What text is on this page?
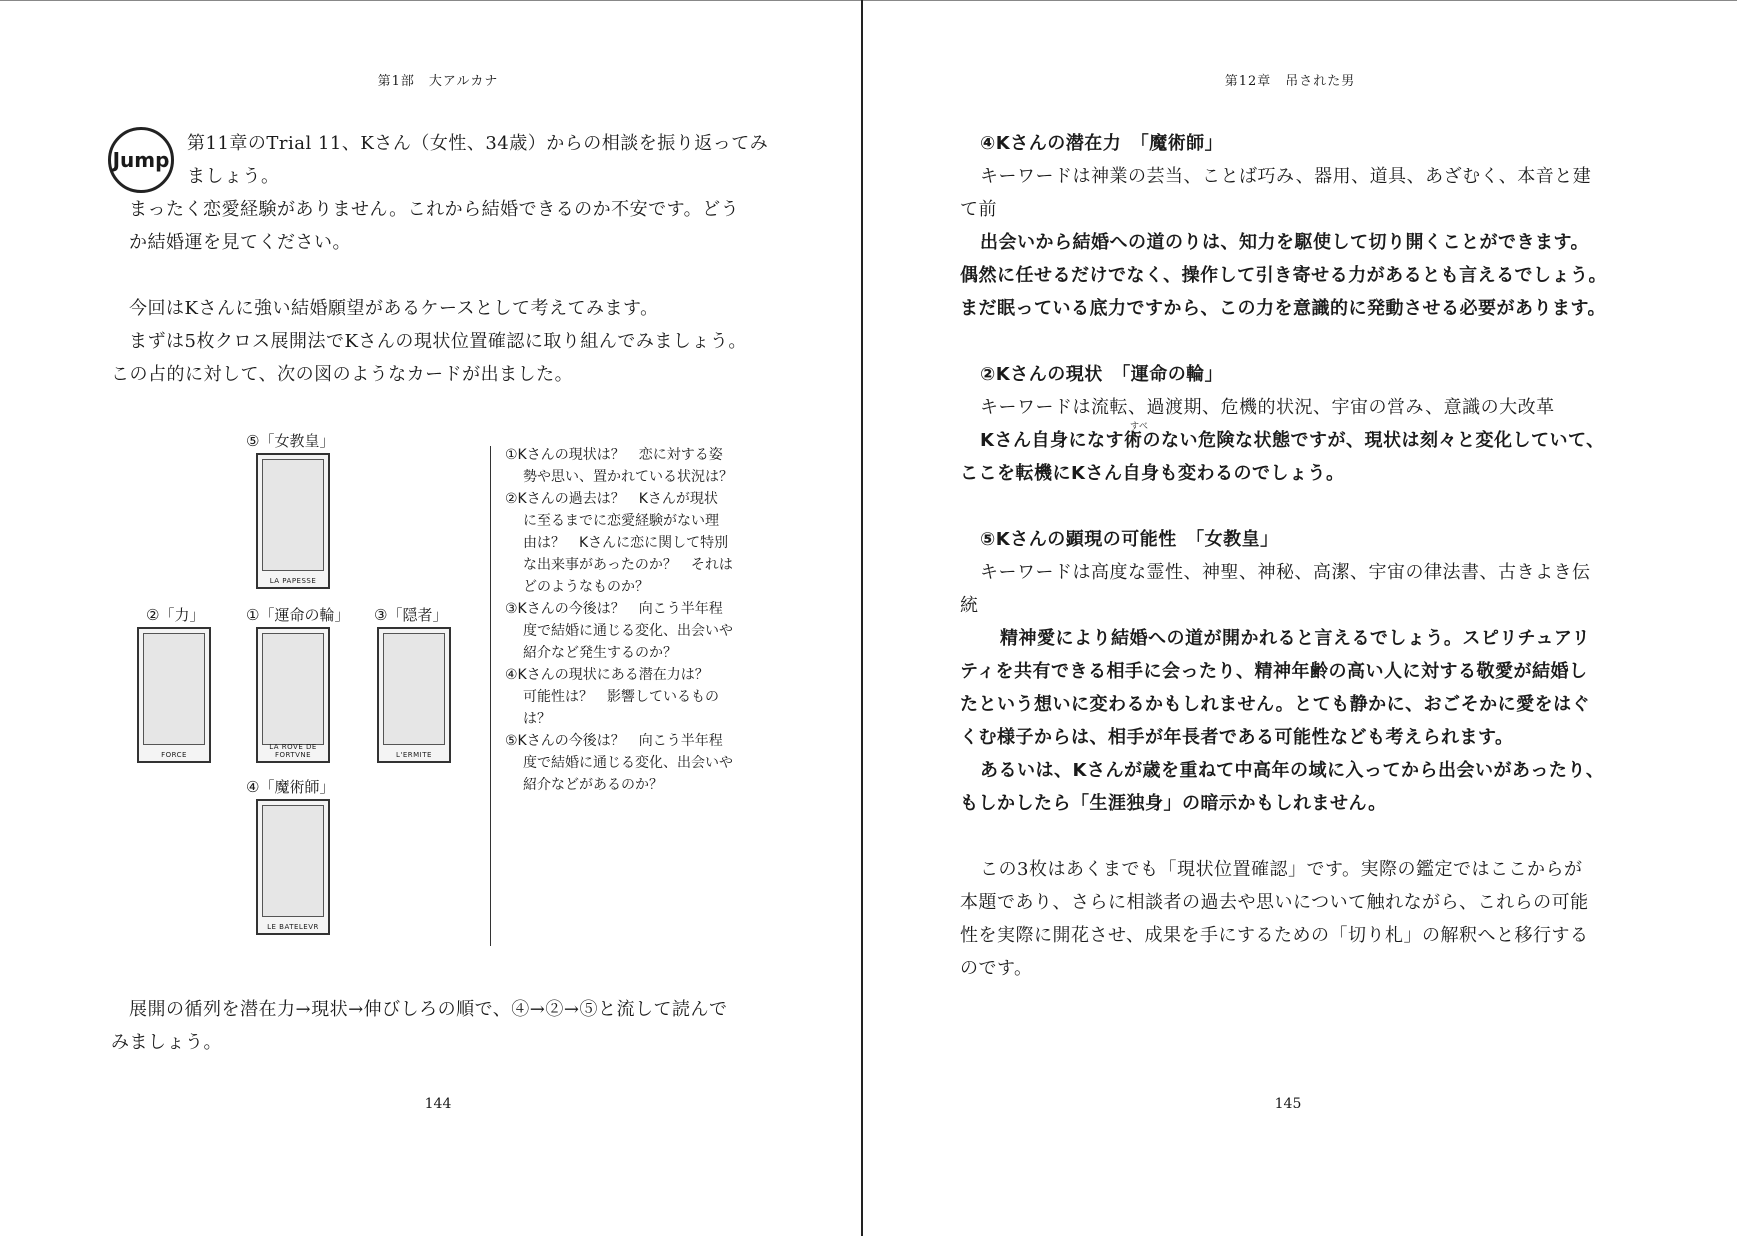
第1部　大アルカナ
Jump
第11章のTrial 11、Kさん（女性、34歳）からの相談を振り返ってみ
ましょう。
まったく恋愛経験がありません。これから結婚できるのか不安です。どう
か結婚運を見てください。
今回はKさんに強い結婚願望があるケースとして考えてみます。
まずは5枚クロス展開法でKさんの現状位置確認に取り組んでみましょう。
この占的に対して、次の図のようなカードが出ました。
⑤「女教皇」
LA PAPESSE
②「力」
FORCE
①「運命の輪」
LA ROVE DE FORTVNE
③「隠者」
L'ERMITE
④「魔術師」
LE BATELEVR
①Kさんの現状は？　恋に対する姿
勢や思い、置かれている状況は？
②Kさんの過去は？　Kさんが現状
に至るまでに恋愛経験がない理
由は？　Kさんに恋に関して特別
な出来事があったのか？　それは
どのようなものか？
③Kさんの今後は？　向こう半年程
度で結婚に通じる変化、出会いや
紹介など発生するのか？
④Kさんの現状にある潜在力は？
可能性は？　影響しているもの
は？
⑤Kさんの今後は？　向こう半年程
度で結婚に通じる変化、出会いや
紹介などがあるのか？
展開の循列を潜在力→現状→伸びしろの順で、④→②→⑤と流して読んで
みましょう。
144
第12章　吊された男
④Kさんの潜在力　「魔術師」
キーワードは神業の芸当、ことば巧み、器用、道具、あざむく、本音と建
て前
出会いから結婚への道のりは、知力を駆使して切り開くことができます。
偶然に任せるだけでなく、操作して引き寄せる力があるとも言えるでしょう。
まだ眠っている底力ですから、この力を意識的に発動させる必要があります。
②Kさんの現状　「運命の輪」
キーワードは流転、過渡期、危機的状況、宇宙の営み、意識の大改革
すべ
Kさん自身になす術のない危険な状態ですが、現状は刻々と変化していて、
ここを転機にKさん自身も変わるのでしょう。
⑤Kさんの顕現の可能性　「女教皇」
キーワードは高度な霊性、神聖、神秘、高潔、宇宙の律法書、古きよき伝
統
精神愛により結婚への道が開かれると言えるでしょう。スピリチュアリ
ティを共有できる相手に会ったり、精神年齢の高い人に対する敬愛が結婚し
たという想いに変わるかもしれません。とても静かに、おごそかに愛をはぐ
くむ様子からは、相手が年長者である可能性なども考えられます。
あるいは、Kさんが歳を重ねて中高年の域に入ってから出会いがあったり、
もしかしたら「生涯独身」の暗示かもしれません。
この3枚はあくまでも「現状位置確認」です。実際の鑑定ではここからが
本題であり、さらに相談者の過去や思いについて触れながら、これらの可能
性を実際に開花させ、成果を手にするための「切り札」の解釈へと移行する
のです。
145
